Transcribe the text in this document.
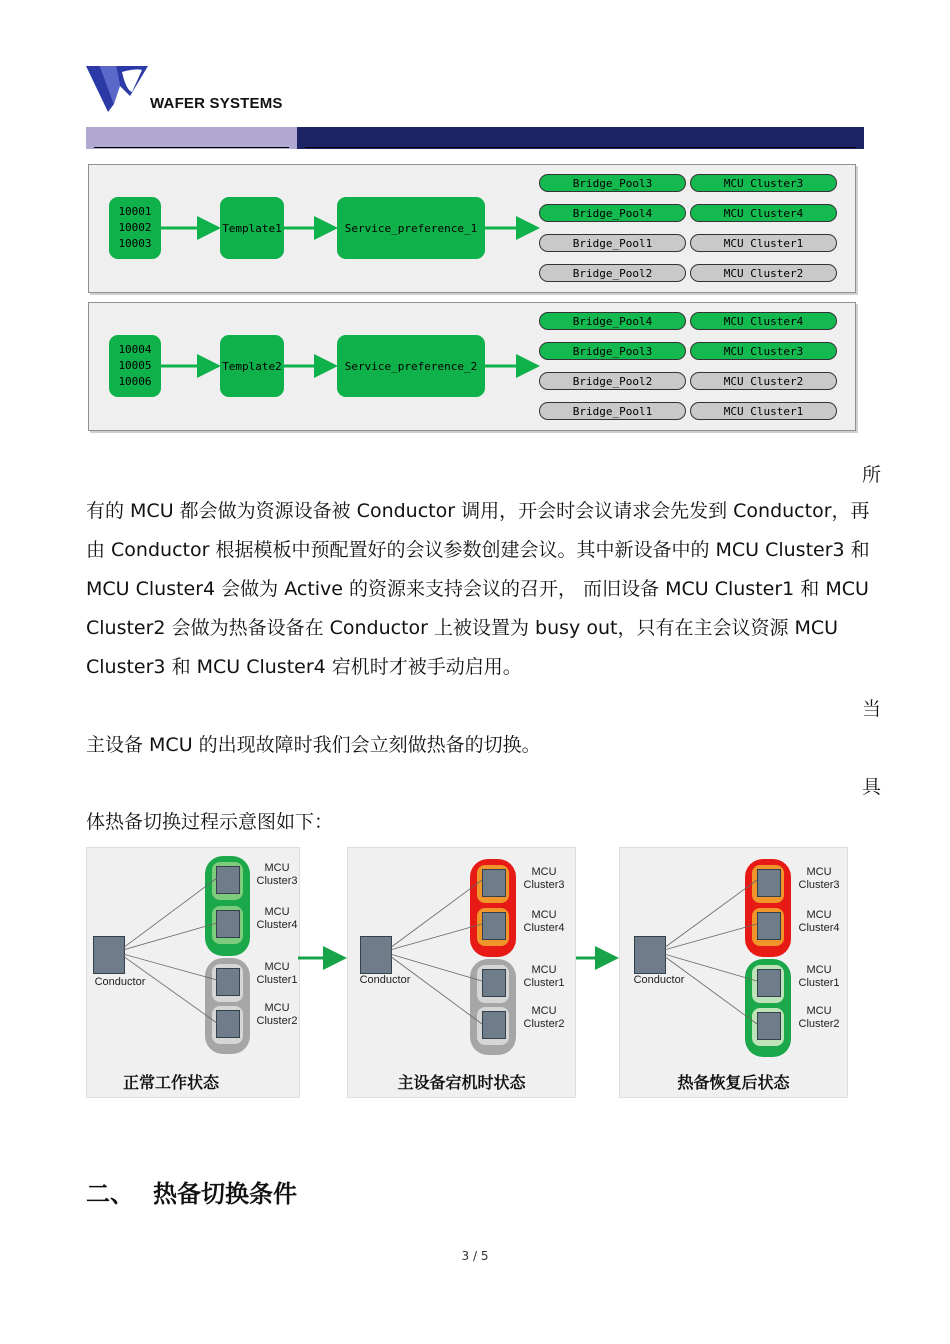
WAFER SYSTEMS
10001
10002
10003
Template1	Service_preference_1
Bridge_Pool3
Bridge_Pool4
Bridge_Pool1
Bridge_Pool2
MCU Cluster3
MCU Cluster4
MCU Cluster1
MCU Cluster2
10004
10005
10006
Template2	Service_preference_2
Bridge_Pool4
Bridge_Pool3
Bridge_Pool2
Bridge_Pool1
MCU Cluster4
MCU Cluster3
MCU Cluster2
MCU Cluster1
所
有的 MCU 都会做为资源设备被 Conductor 调用，开会时会议请求会先发到 Conductor，再
由 Conductor 根据模板中预配置好的会议参数创建会议。其中新设备中的 MCU Cluster3 和
MCU Cluster4 会做为 Active 的资源来支持会议的召开， 而旧设备 MCU Cluster1 和 MCU
Cluster2 会做为热备设备在 Conductor 上被设置为 busy out，只有在主会议资源 MCU
Cluster3 和 MCU Cluster4 宕机时才被手动启用。
当
主设备 MCU 的出现故障时我们会立刻做热备的切换。
具
体热备切换过程示意图如下：
Conductor
MCU
Cluster3
MCU
Cluster4
MCU
Cluster1
MCU
Cluster2
正常工作状态
Conductor
MCU
Cluster3
MCU
Cluster4
MCU
Cluster1
MCU
Cluster2
主设备宕机时状态
Conductor
MCU
Cluster3
MCU
Cluster4
MCU
Cluster1
MCU
Cluster2
热备恢复后状态
二、 热备切换条件
3 / 5
